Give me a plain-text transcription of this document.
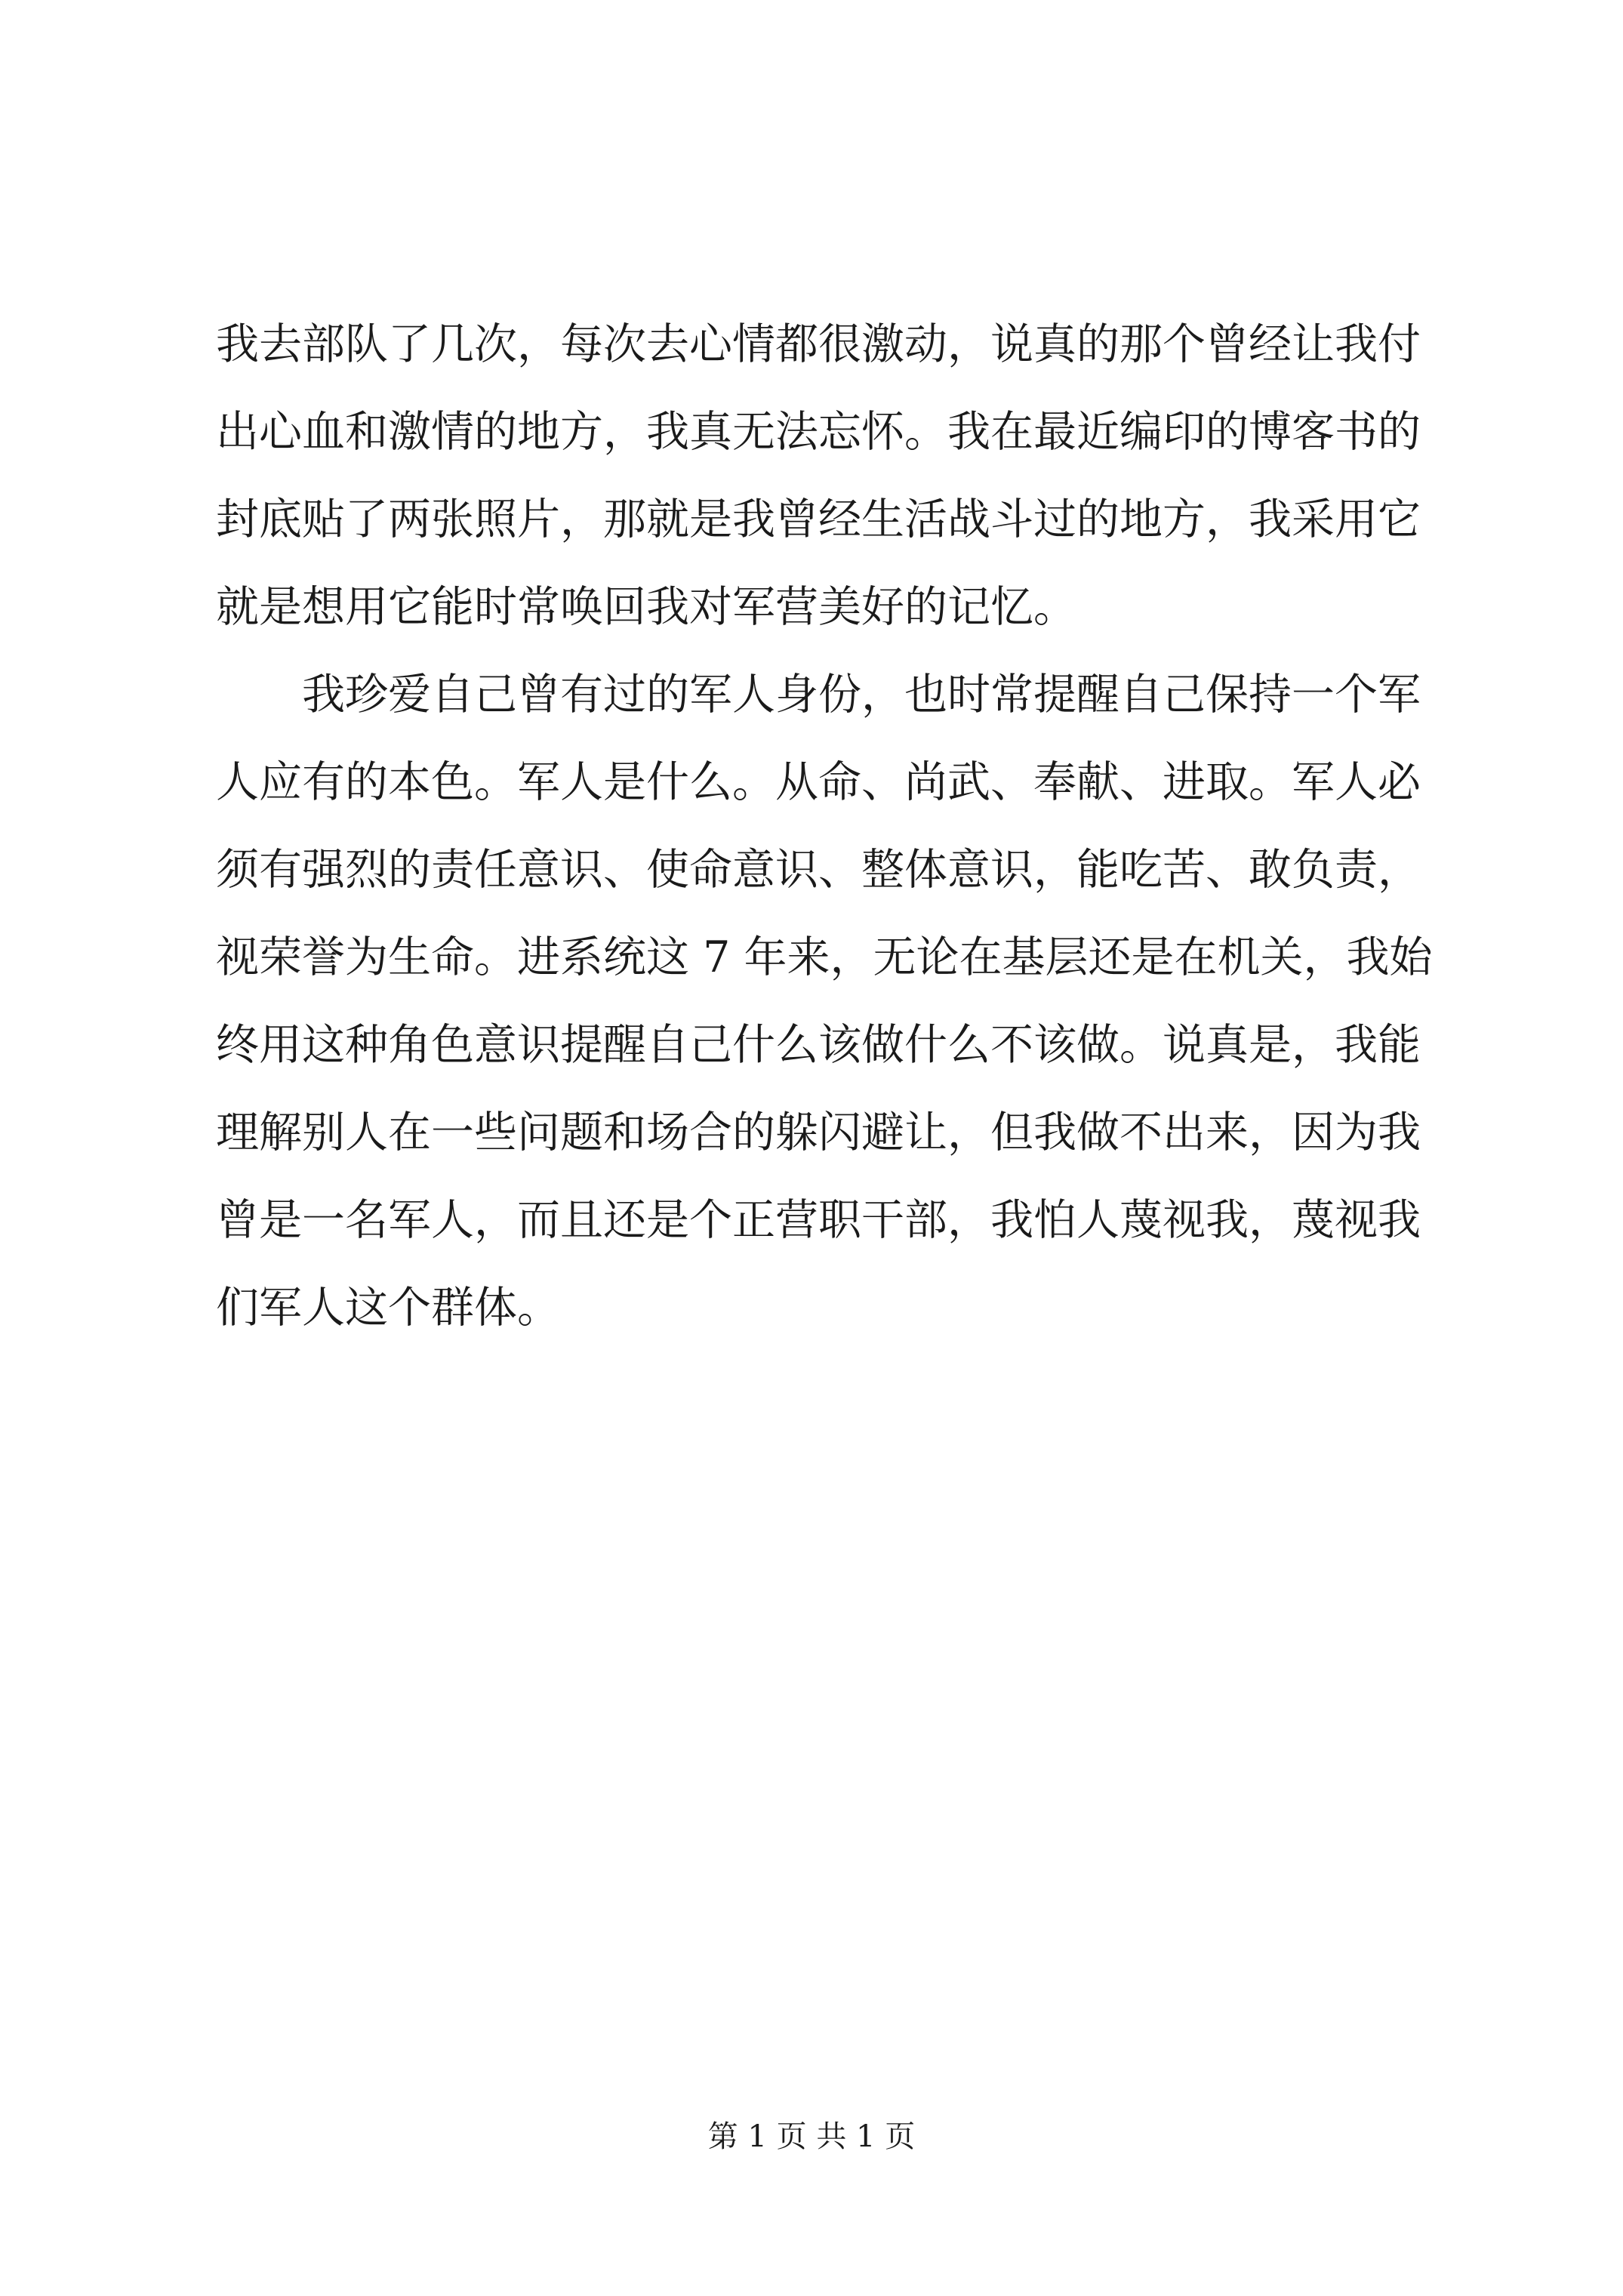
我去部队了几次，每次去心情都很激动，说真的那个曾经让我付
出心血和激情的地方，我真无法忘怀。我在最近编印的博客书的
封底贴了两张照片，那就是我曾经生活战斗过的地方，我采用它
就是想用它能时常唤回我对军营美好的记忆。
我珍爱自己曾有过的军人身份，也时常提醒自己保持一个军
人应有的本色。军人是什么。从命、尚武、奉献、进取。军人必
须有强烈的责任意识、使命意识、整体意识，能吃苦、敢负责，
视荣誉为生命。进系统这 7 年来，无论在基层还是在机关，我始
终用这种角色意识提醒自己什么该做什么不该做。说真是，我能
理解别人在一些问题和场合的躲闪避让，但我做不出来，因为我
曾是一名军人，而且还是个正营职干部，我怕人蔑视我，蔑视我
们军人这个群体。
第 1 页 共 1 页
